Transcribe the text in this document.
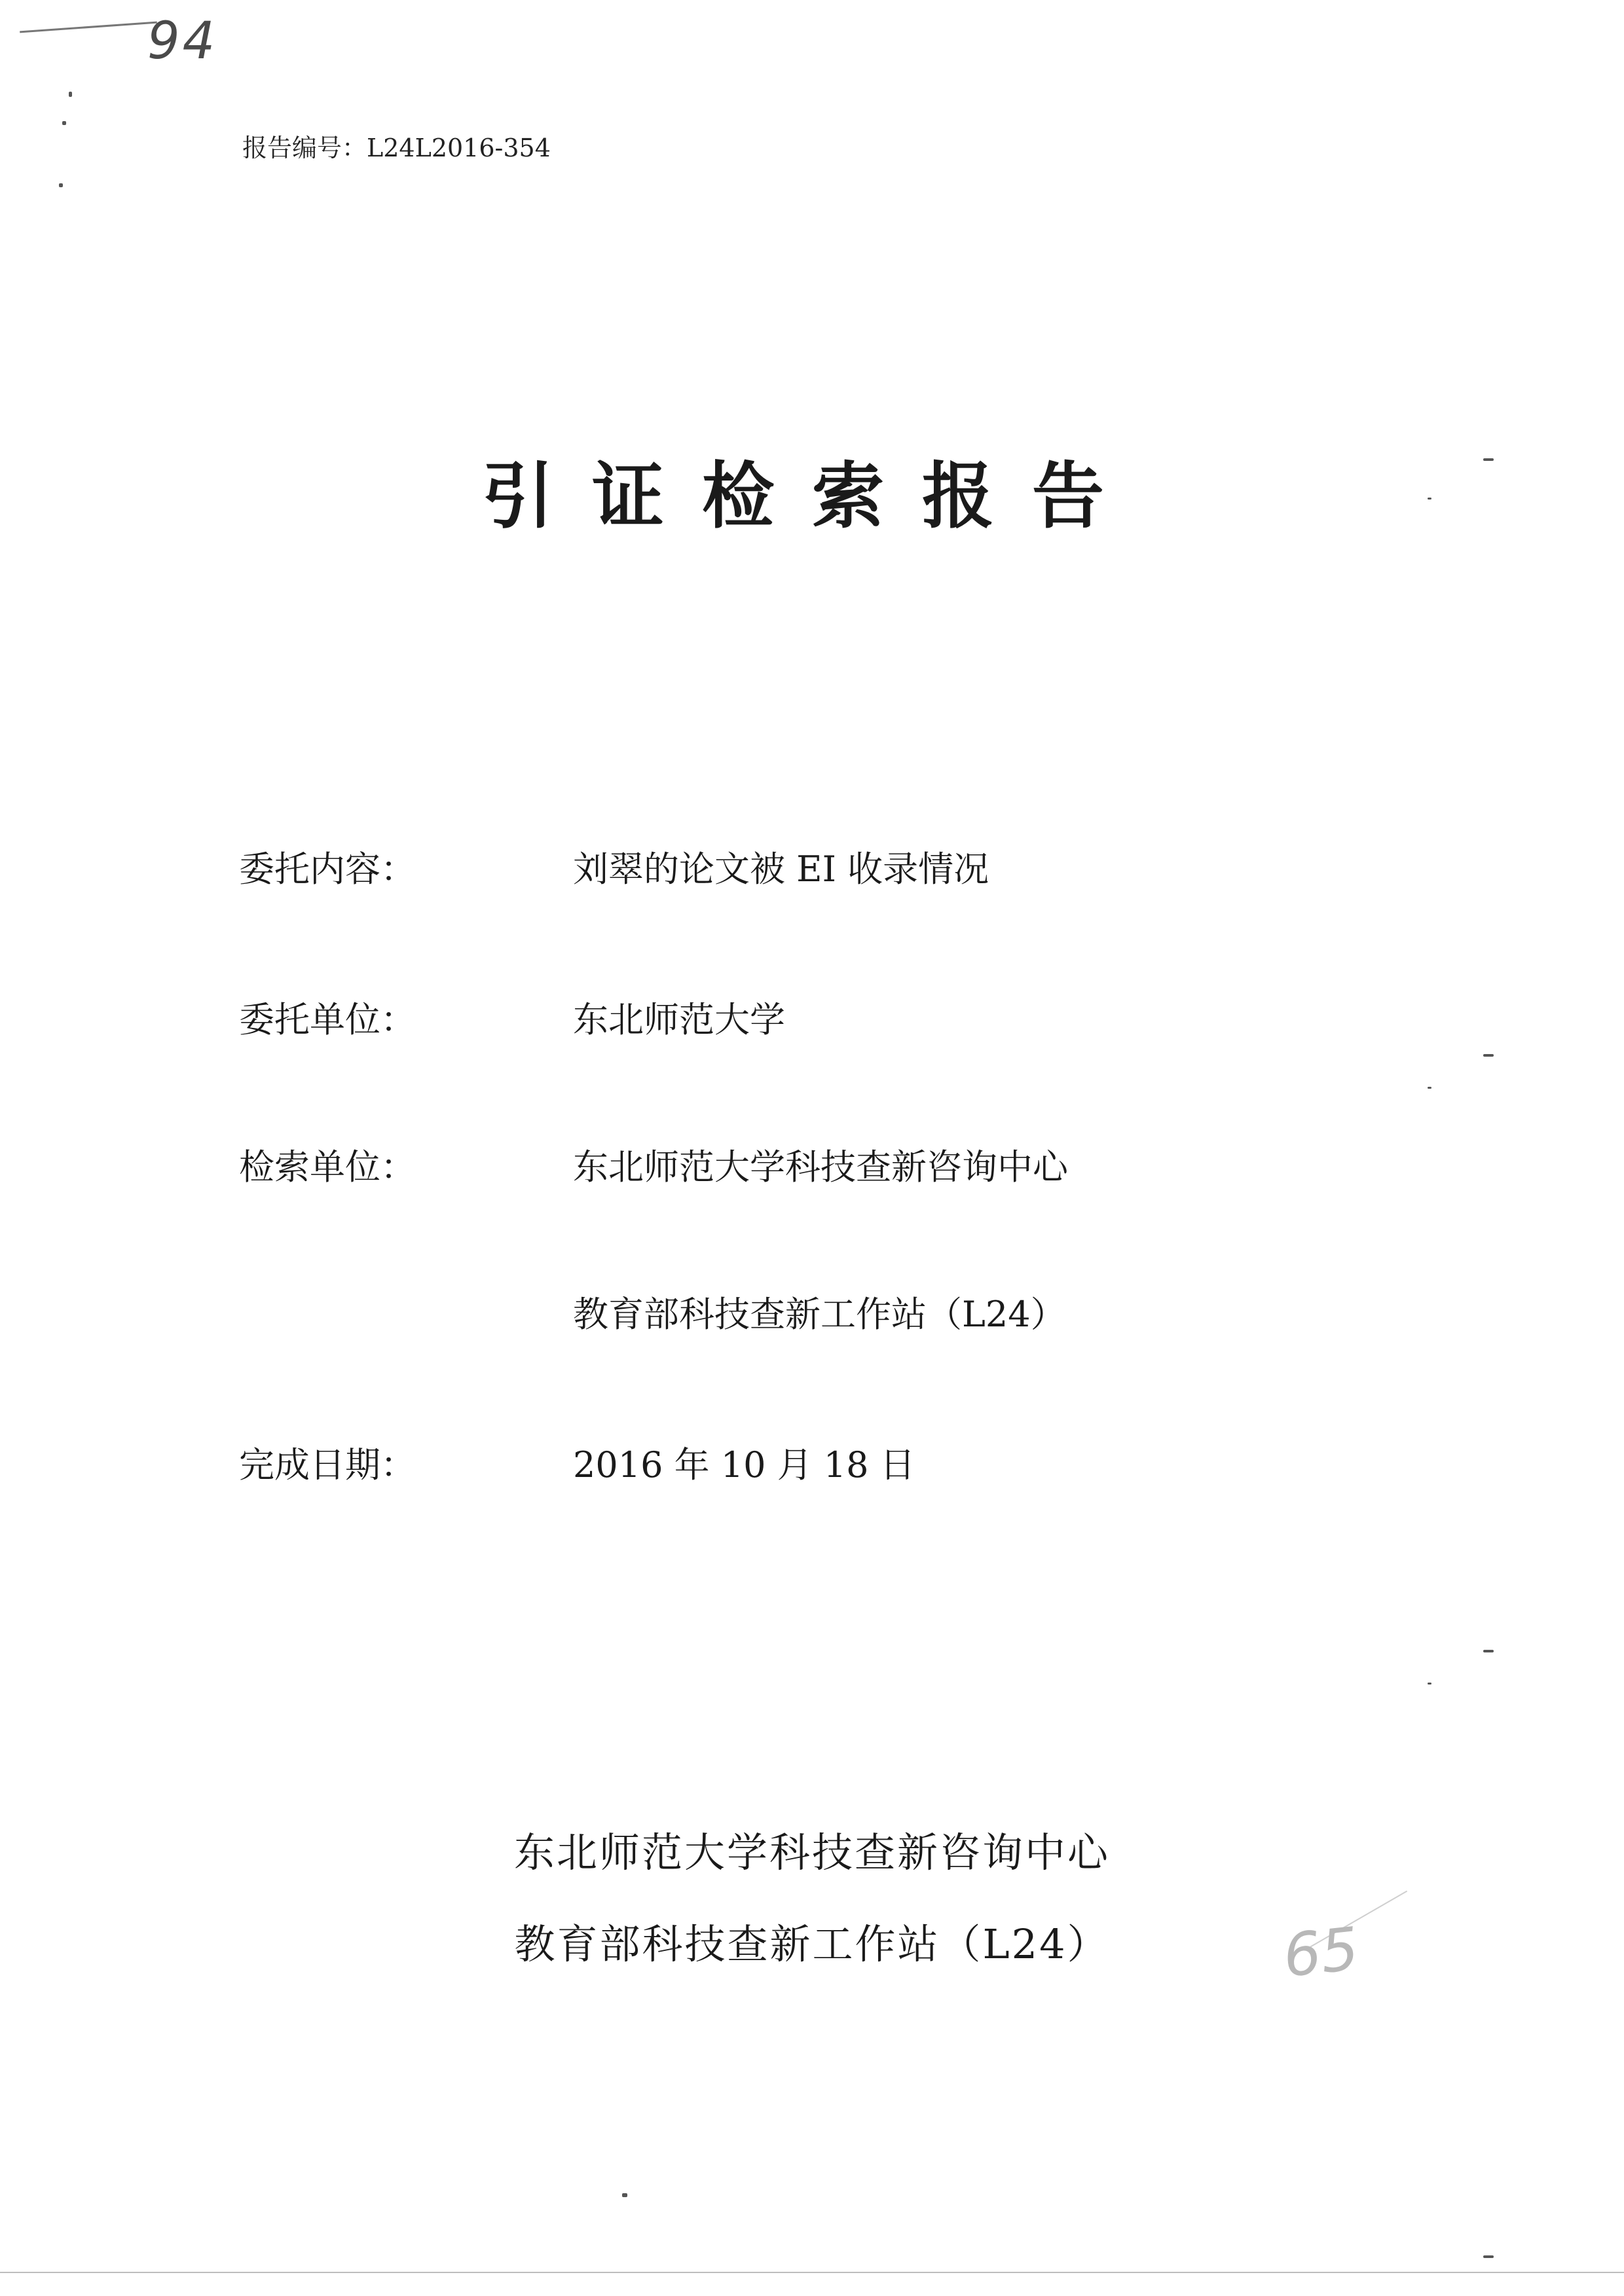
94
65
报告编号：L24L2016-354
引证检索报告
委托内容：	刘翠的论文被 EI 收录情况
委托单位：	东北师范大学
检索单位：	东北师范大学科技查新咨询中心
教育部科技查新工作站（L24）
完成日期：	2016 年 10 月 18 日
东北师范大学科技查新咨询中心
教育部科技查新工作站（L24）
